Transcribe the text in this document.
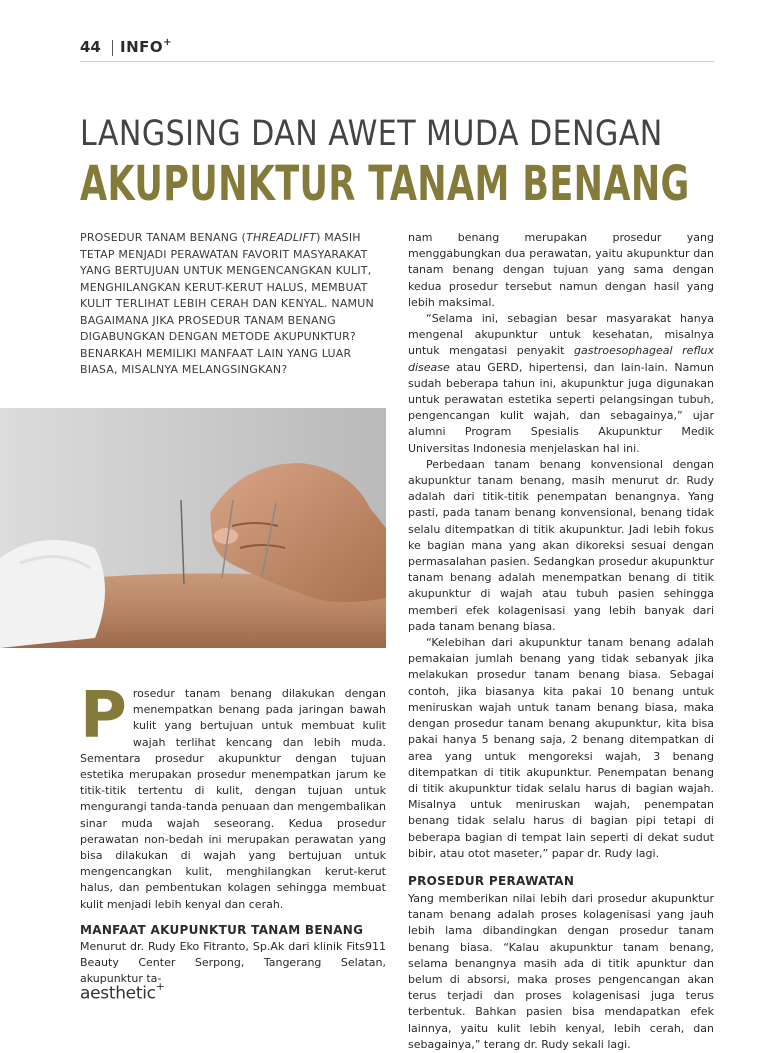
44 INFO+
LANGSING DAN AWET MUDA DENGAN
AKUPUNKTUR TANAM BENANG

PROSEDUR TANAM BENANG (THREADLIFT) MASIH TETAP MENJADI PERAWATAN FAVORIT MASYARAKAT YANG BERTUJUAN UNTUK MENGENCANGKAN KULIT, MENGHILANGKAN KERUT-KERUT HALUS, MEMBUAT KULIT TERLIHAT LEBIH CERAH DAN KENYAL. NAMUN BAGAIMANA JIKA PROSEDUR TANAM BENANG DIGABUNGKAN DENGAN METODE AKUPUNKTUR? BENARKAH MEMILIKI MANFAAT LAIN YANG LUAR BIASA, MISALNYA MELANGSINGKAN?

Prosedur tanam benang dilakukan dengan menempatkan benang pada jaringan bawah kulit yang bertujuan untuk membuat kulit wajah terlihat kencang dan lebih muda. Sementara prosedur akupunktur dengan tujuan estetika merupakan prosedur menempatkan jarum ke titik-titik tertentu di kulit, dengan tujuan untuk mengurangi tanda-tanda penuaan dan mengembalikan sinar muda wajah seseorang. Kedua prosedur perawatan non-bedah ini merupakan perawatan yang bisa dilakukan di wajah yang bertujuan untuk mengencangkan kulit, menghilangkan kerut-kerut halus, dan pembentukan kolagen sehingga membuat kulit menjadi lebih kenyal dan cerah.

MANFAAT AKUPUNKTUR TANAM BENANG

Menurut dr. Rudy Eko Fitranto, Sp.Ak dari klinik Fits911 Beauty Center Serpong, Tangerang Selatan, akupunktur ta-

nam benang merupakan prosedur yang menggabungkan dua perawatan, yaitu akupunktur dan tanam benang dengan tujuan yang sama dengan kedua prosedur tersebut namun dengan hasil yang lebih maksimal.

“Selama ini, sebagian besar masyarakat hanya mengenal akupunktur untuk kesehatan, misalnya untuk mengatasi penyakit gastroesophageal reflux disease atau GERD, hipertensi, dan lain-lain. Namun sudah beberapa tahun ini, akupunktur juga digunakan untuk perawatan estetika seperti pelangsingan tubuh, pengencangan kulit wajah, dan sebagainya,” ujar alumni Program Spesialis Akupunktur Medik Universitas Indonesia menjelaskan hal ini.

Perbedaan tanam benang konvensional dengan akupunktur tanam benang, masih menurut dr. Rudy adalah dari titik-titik penempatan benangnya. Yang pasti, pada tanam benang konvensional, benang tidak selalu ditempatkan di titik akupunktur. Jadi lebih fokus ke bagian mana yang akan dikoreksi sesuai dengan permasalahan pasien. Sedangkan prosedur akupunktur tanam benang adalah menempatkan benang di titik akupunktur di wajah atau tubuh pasien sehingga memberi efek kolagenisasi yang lebih banyak dari pada tanam benang biasa.

“Kelebihan dari akupunktur tanam benang adalah pemakaian jumlah benang yang tidak sebanyak jika melakukan prosedur tanam benang biasa. Sebagai contoh, jika biasanya kita pakai 10 benang untuk meniruskan wajah untuk tanam benang biasa, maka dengan prosedur tanam benang akupunktur, kita bisa pakai hanya 5 benang saja, 2 benang ditempatkan di area yang untuk mengoreksi wajah, 3 benang ditempatkan di titik akupunktur. Penempatan benang di titik akupunktur tidak selalu harus di bagian wajah. Misalnya untuk meniruskan wajah, penempatan benang tidak selalu harus di bagian pipi tetapi di beberapa bagian di tempat lain seperti di dekat sudut bibir, atau otot maseter,” papar dr. Rudy lagi.

PROSEDUR PERAWATAN

Yang memberikan nilai lebih dari prosedur akupunktur tanam benang adalah proses kolagenisasi yang jauh lebih lama dibandingkan dengan prosedur tanam benang biasa. “Kalau akupunktur tanam benang, selama benangnya masih ada di titik apunktur dan belum di absorsi, maka proses pengencangan akan terus terjadi dan proses kolagenisasi juga terus terbentuk. Bahkan pasien bisa mendapatkan efek lainnya, yaitu kulit lebih kenyal, lebih cerah, dan sebagainya,” terang dr. Rudy sekali lagi.

aesthetic+
